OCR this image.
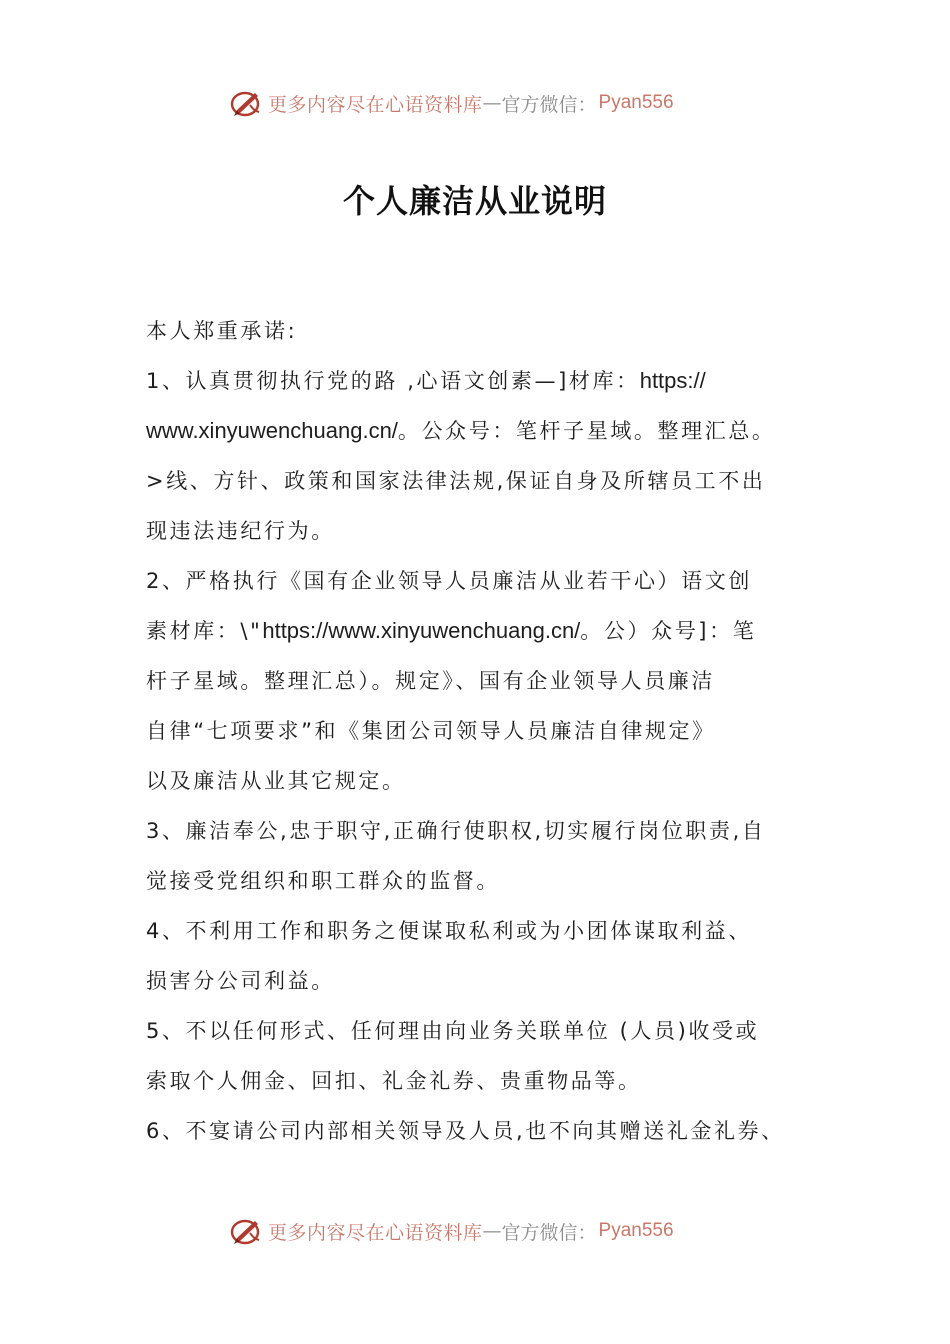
更多内容尽在心语资料库 — 官方微信： Pyan556
个人廉洁从业说明
本人郑重承诺:
1、认真贯彻执行党的路 ,心语文创素—]材库：https://
www.xinyuwenchuang.cn/。公众号：笔杆子星域。整理汇总。
>线、方针、政策和国家法律法规,保证自身及所辖员工不出
现违法违纪行为。
2、严格执行《国有企业领导人员廉洁从业若干心）语文创
素材库：\"https://www.xinyuwenchuang.cn/。公）众号]：笔
杆子星域。整理汇总）。规定》、国有企业领导人员廉洁
自律“七项要求”和《集团公司领导人员廉洁自律规定》
以及廉洁从业其它规定。
3、廉洁奉公,忠于职守,正确行使职权,切实履行岗位职责,自
觉接受党组织和职工群众的监督。
4、不利用工作和职务之便谋取私利或为小团体谋取利益、
损害分公司利益。
5、不以任何形式、任何理由向业务关联单位 (人员)收受或
索取个人佣金、回扣、礼金礼券、贵重物品等。
6、不宴请公司内部相关领导及人员,也不向其赠送礼金礼券、
更多内容尽在心语资料库 — 官方微信： Pyan556
